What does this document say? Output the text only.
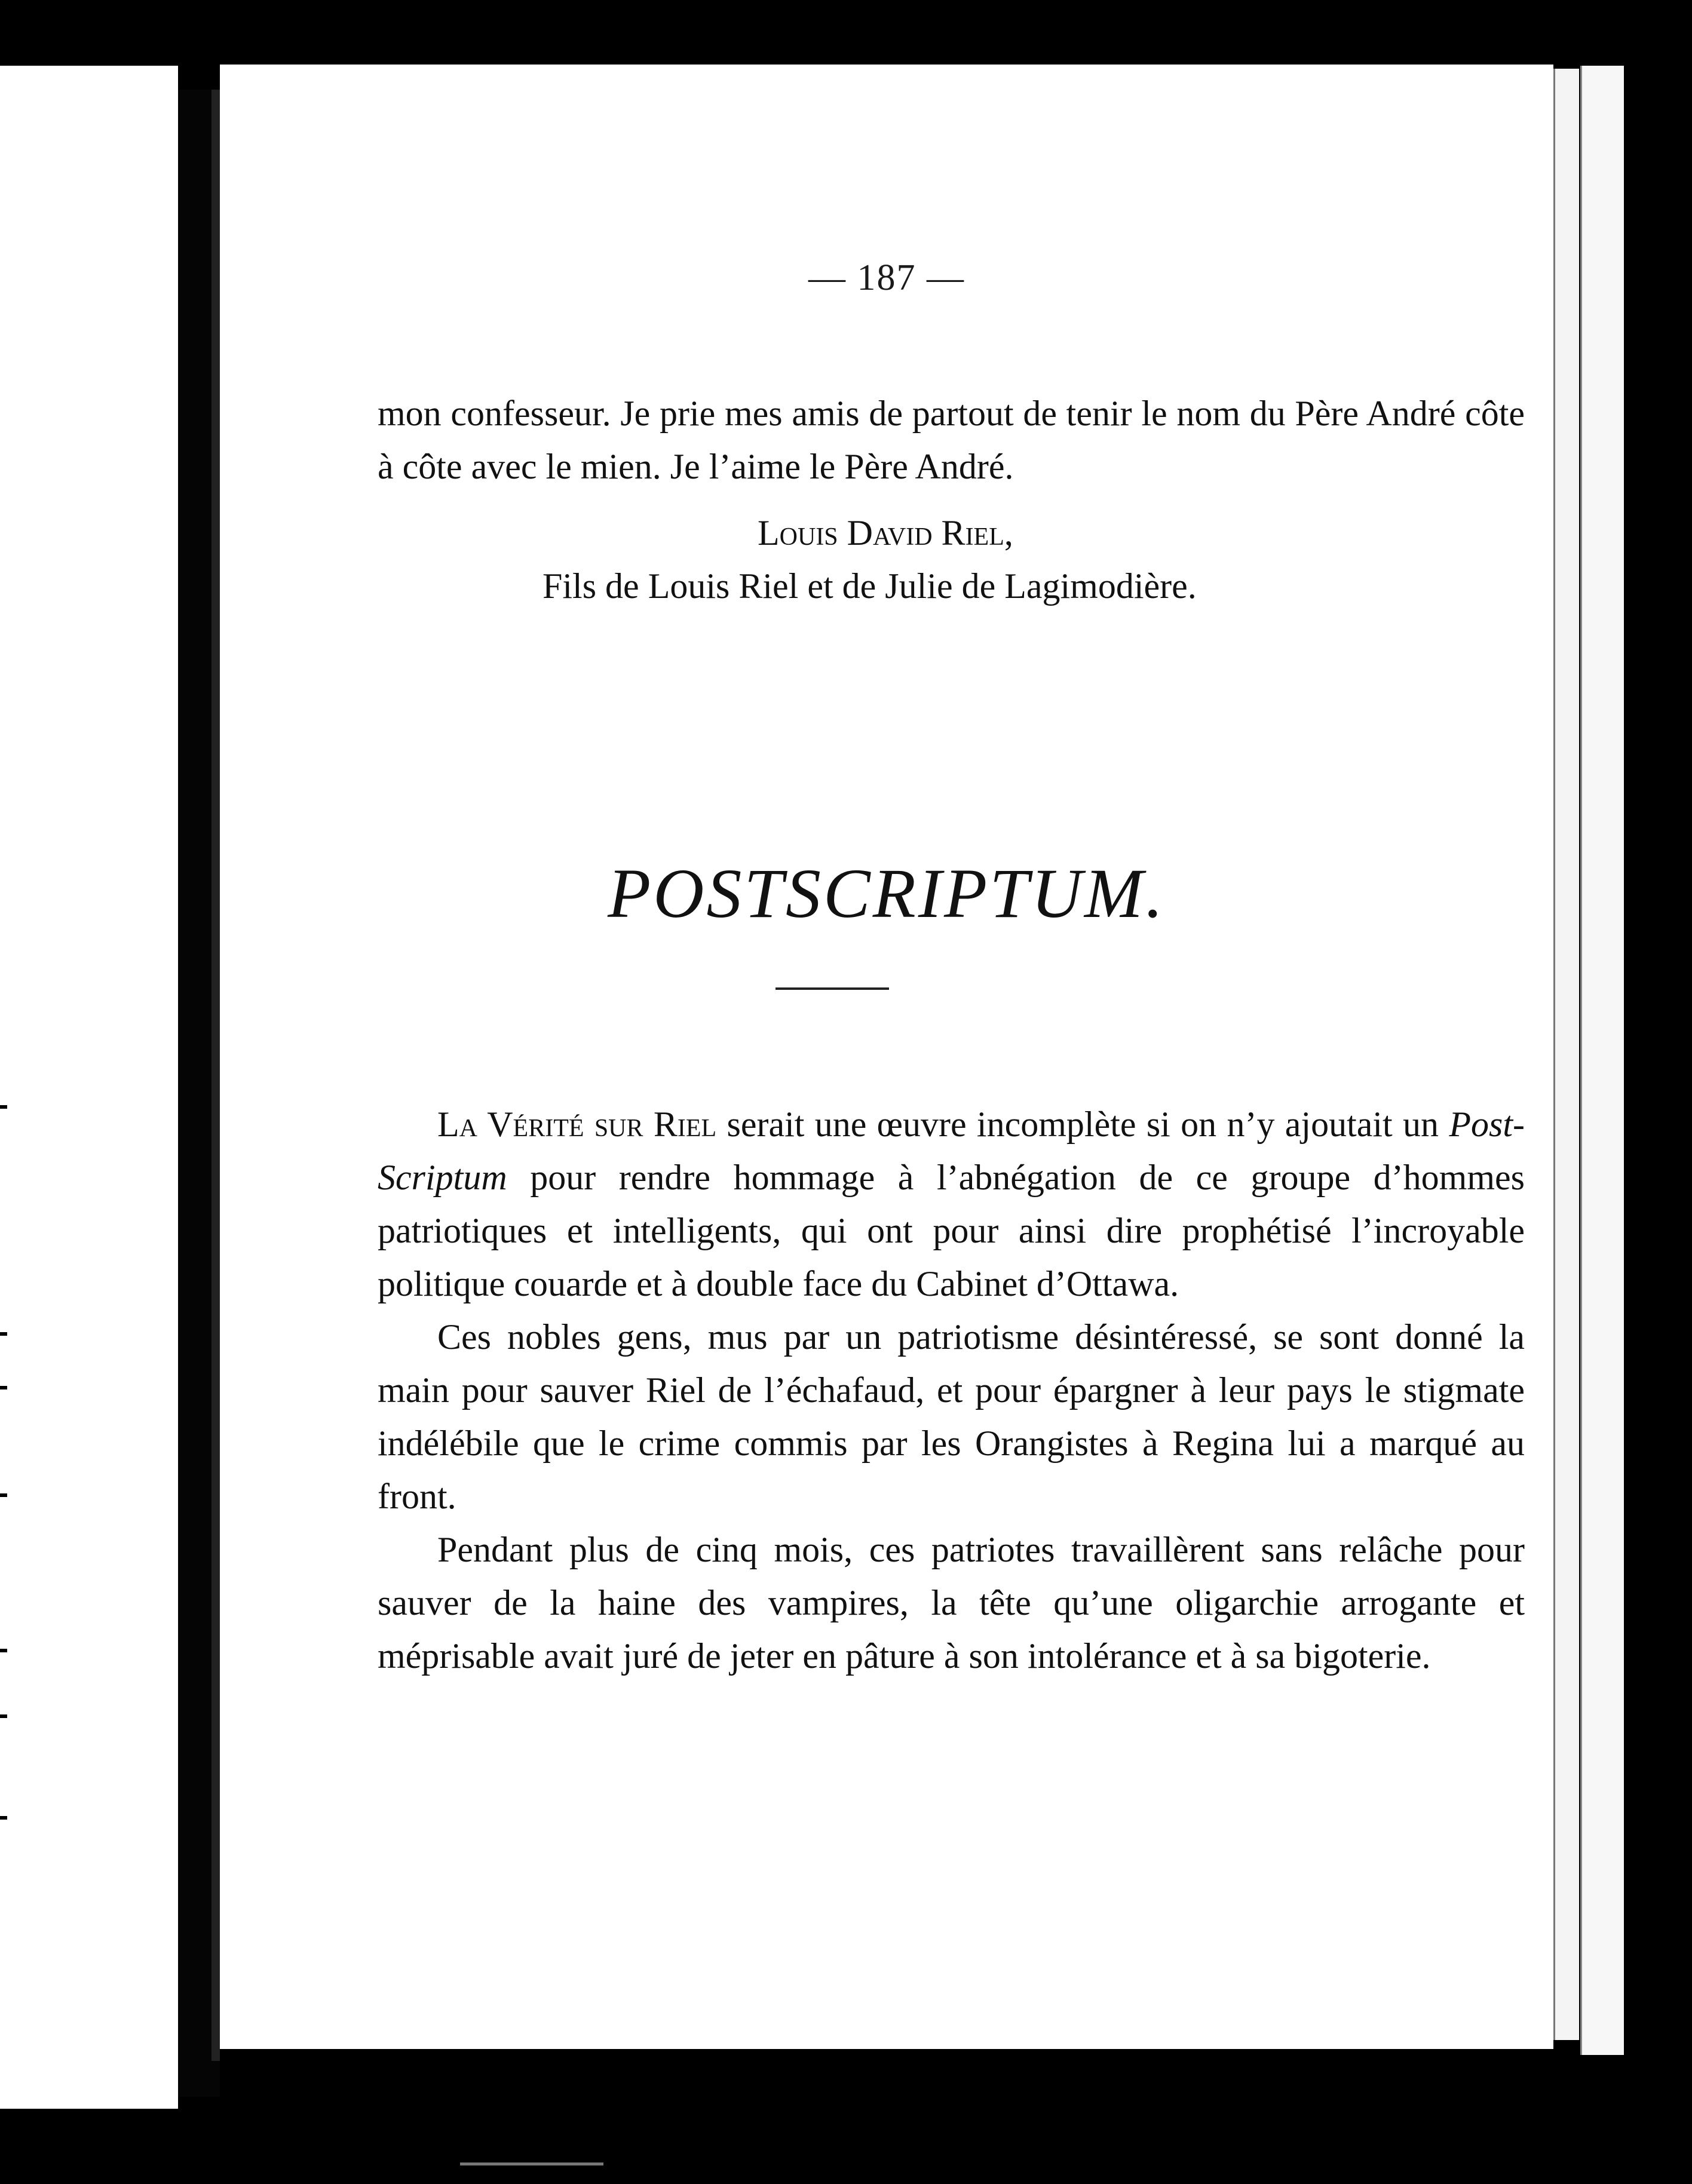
— 187 —

mon confesseur. Je prie mes amis de partout de tenir le nom du Père André côte à côte avec le mien. Je l’aime le Père André.

Louis David Riel,
Fils de Louis Riel et de Julie de Lagimodière.
POSTSCRIPTUM.

La Vérité sur Riel serait une œuvre incomplète si on n’y ajoutait un Post-Scriptum pour rendre hommage à l’abnégation de ce groupe d’hommes patriotiques et intelligents, qui ont pour ainsi dire prophétisé l’incroyable politique couarde et à double face du Cabinet d’Ottawa.

Ces nobles gens, mus par un patriotisme désintéressé, se sont donné la main pour sauver Riel de l’échafaud, et pour épargner à leur pays le stigmate indélébile que le crime commis par les Orangistes à Regina lui a marqué au front.

Pendant plus de cinq mois, ces patriotes travaillèrent sans relâche pour sauver de la haine des vampires, la tête qu’une oligarchie arrogante et méprisable avait juré de jeter en pâture à son intolérance et à sa bigoterie.
